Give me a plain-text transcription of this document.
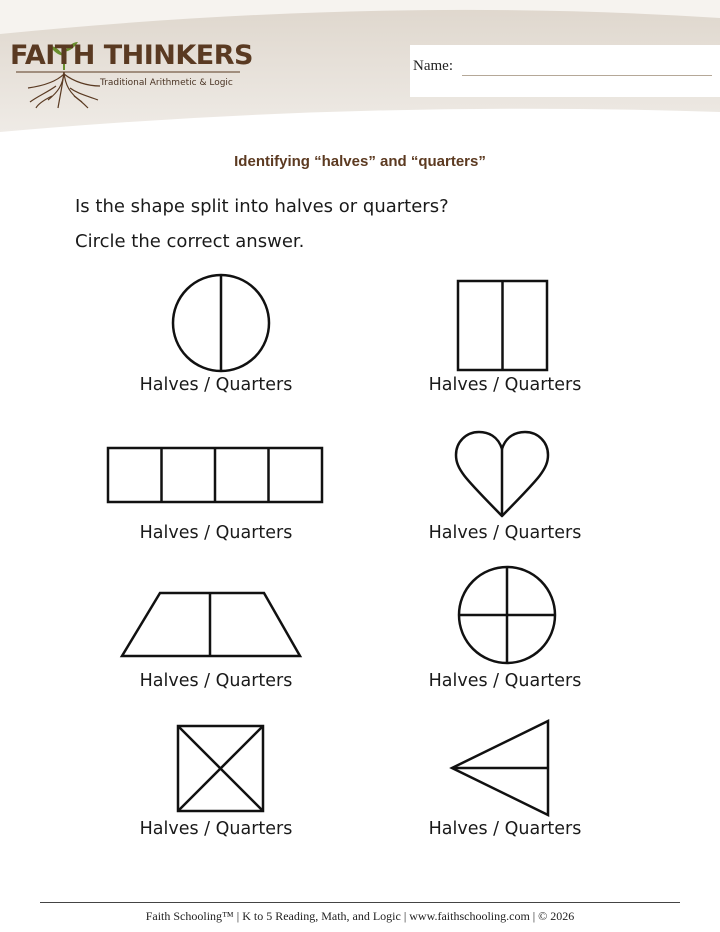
FAITH THINKERS
Traditional Arithmetic & Logic
Name:
Identifying “halves” and “quarters”
Is the shape split into halves or quarters?
Circle the correct answer.
Halves / Quarters	Halves / Quarters
Halves / Quarters	Halves / Quarters
Halves / Quarters	Halves / Quarters
Halves / Quarters	Halves / Quarters
Faith Schooling™ | K to 5 Reading, Math, and Logic | www.faithschooling.com | © 2026
